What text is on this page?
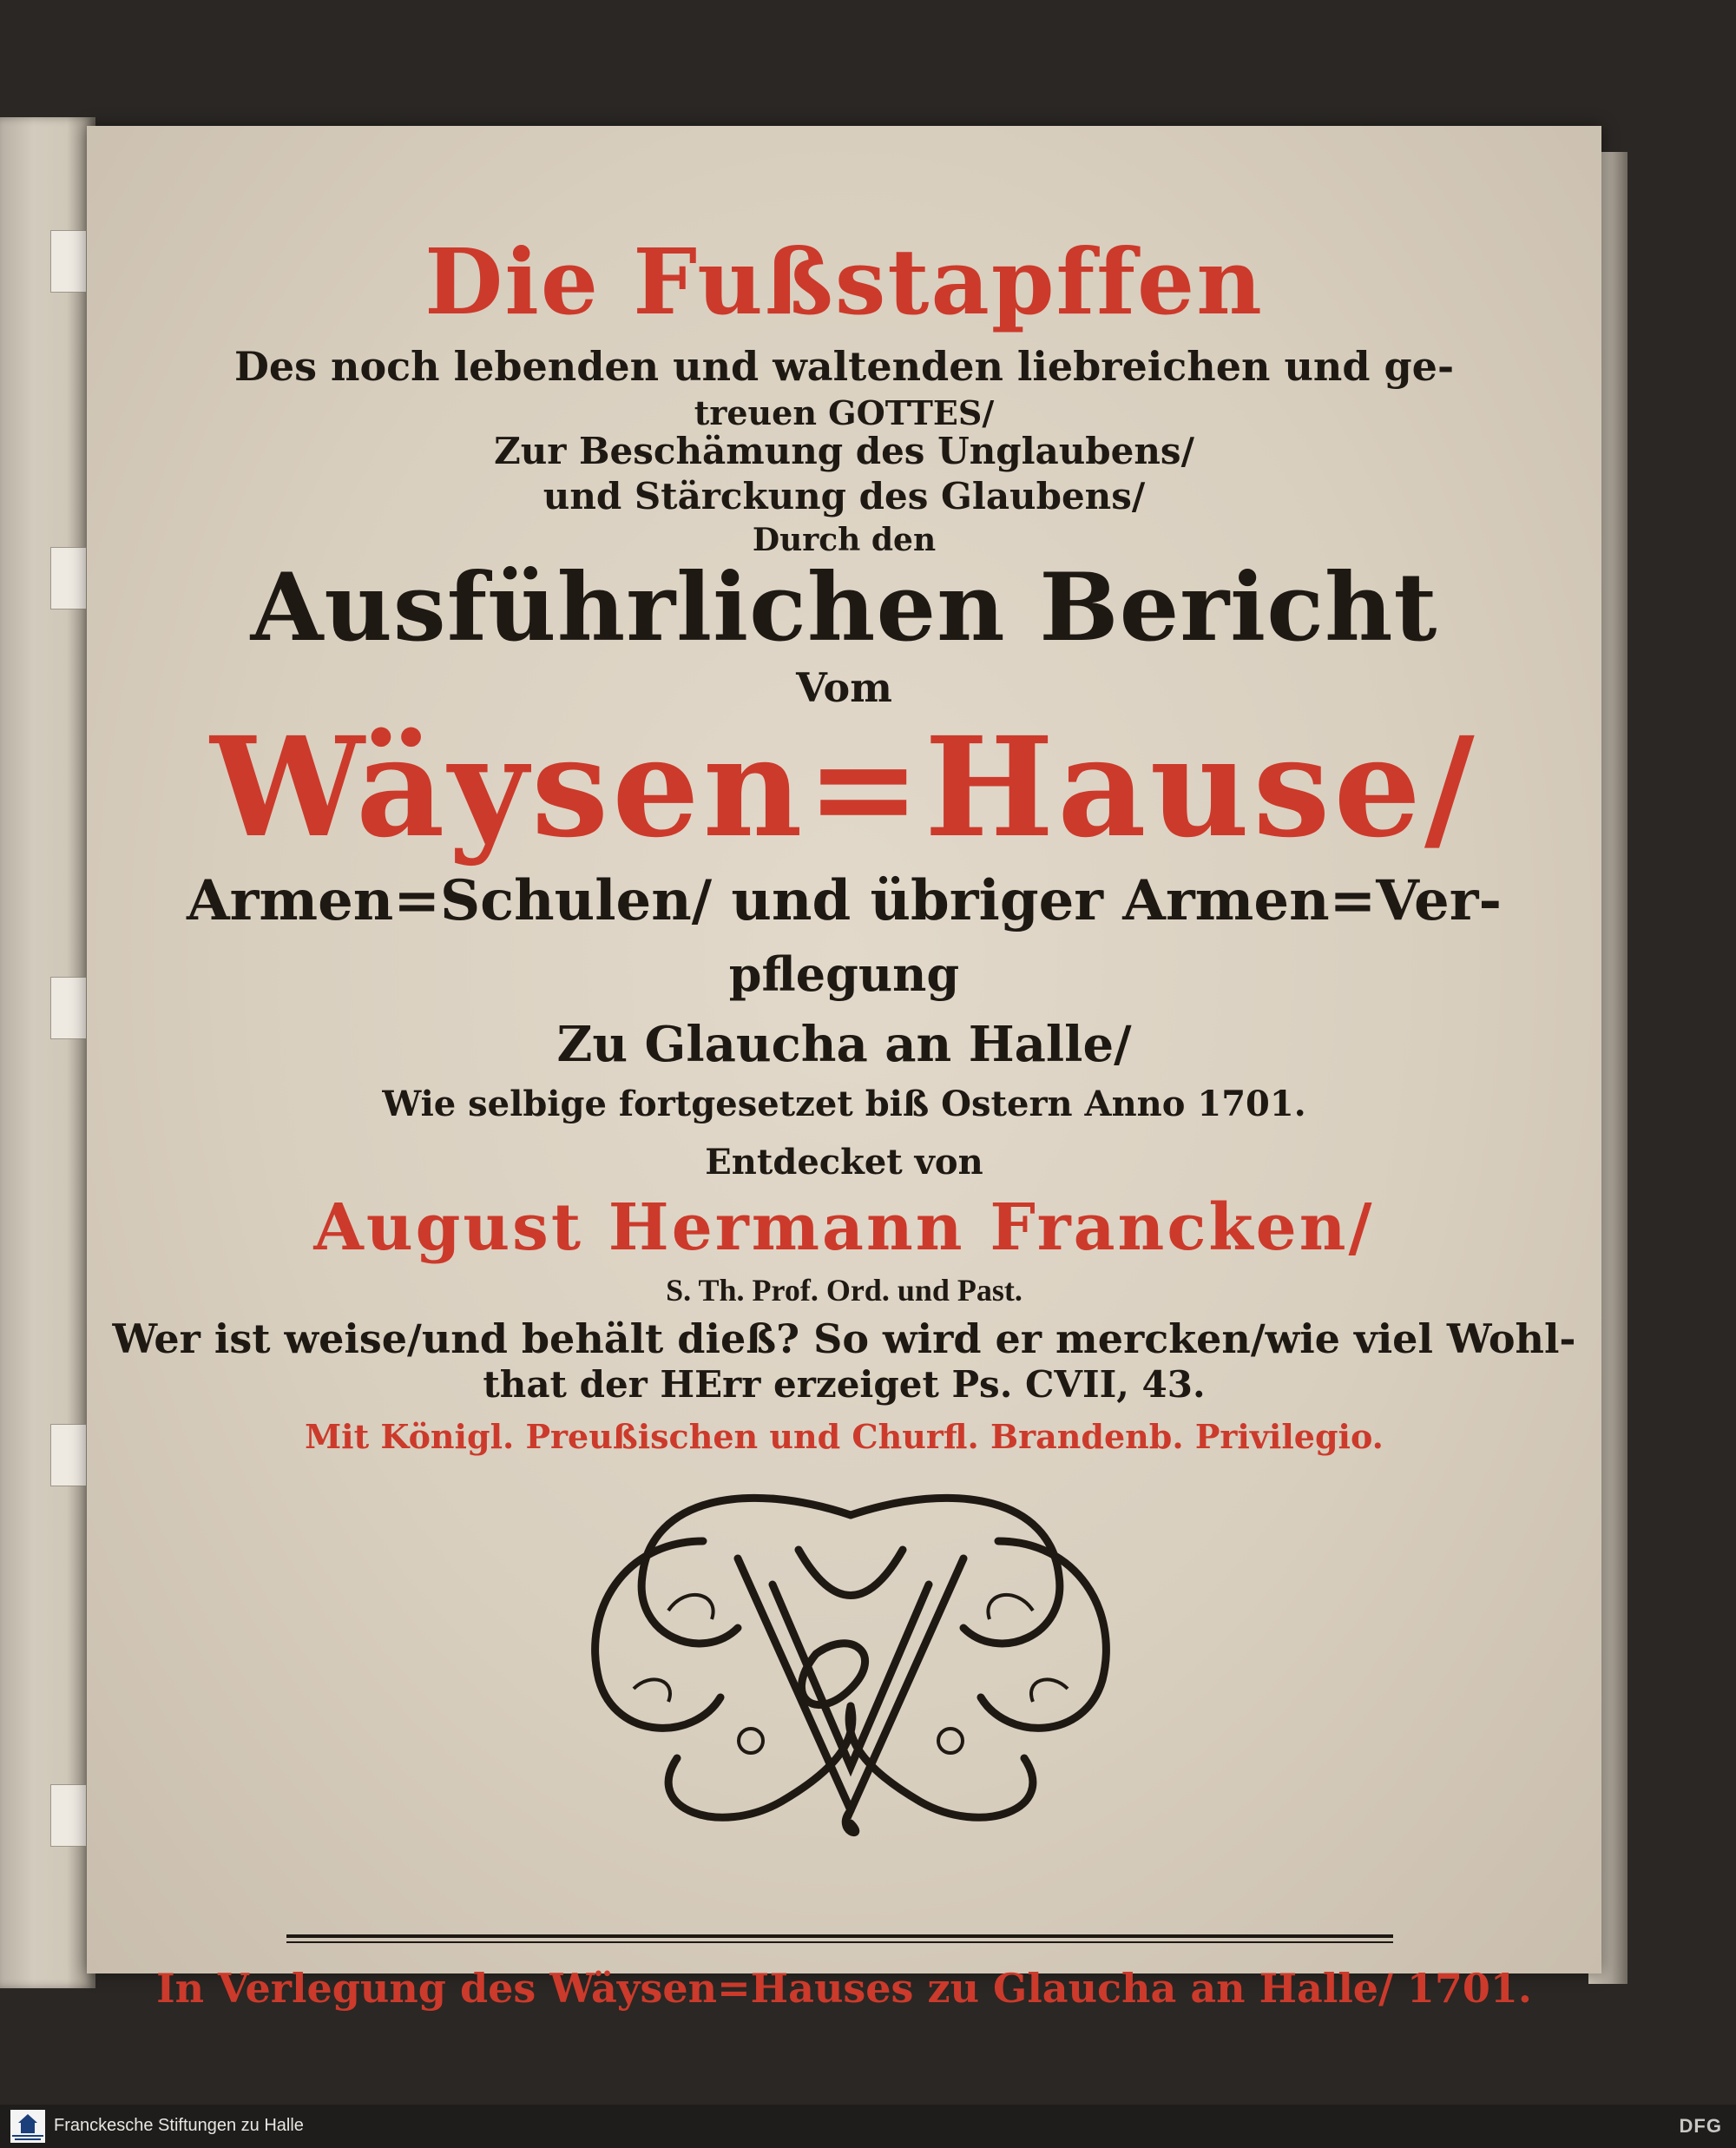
Die Fußstapffen
Des noch lebenden und waltenden liebreichen und ge-
treuen GOTTES/
Zur Beschämung des Unglaubens/
und Stärckung des Glaubens/
Durch den
Ausführlichen Bericht
Vom
Wäysen=Hause/
Armen=Schulen/ und übriger Armen=Ver-
pflegung
Zu Glaucha an Halle/
Wie selbige fortgesetzet biß Ostern Anno 1701.
Entdecket von
August Hermann Francken/
S. Th. Prof. Ord. und Past.
Wer ist weise/und behält dieß? So wird er mercken/wie viel Wohl-
that der HErr erzeiget Ps. CVII, 43.
Mit Königl. Preußischen und Churfl. Brandenb. Privilegio.
In Verlegung des Wäysen=Hauses zu Glaucha an Halle/ 1701.
Franckesche Stiftungen zu Halle	DFG
